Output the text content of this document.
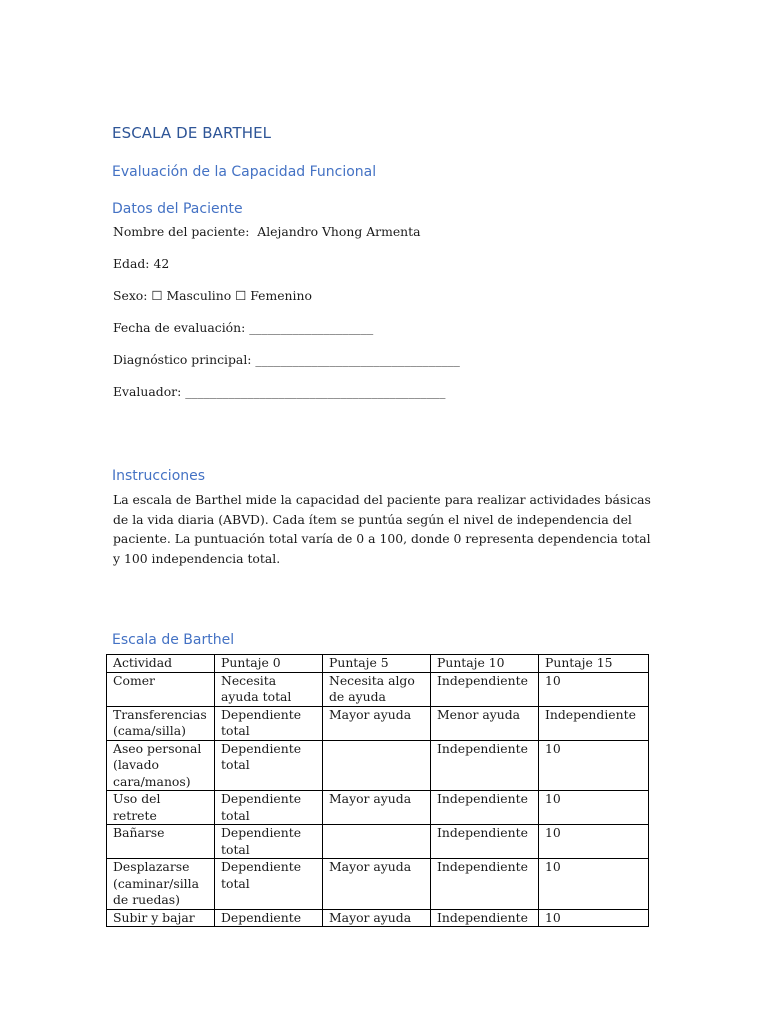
ESCALA DE BARTHEL
Evaluación de la Capacidad Funcional
Datos del Paciente
Nombre del paciente: Alejandro Vhong Armenta
Edad: 42
Sexo: ☐ Masculino ☐ Femenino
Fecha de evaluación: ____________________
Diagnóstico principal: _________________________________
Evaluador: __________________________________________
Instrucciones
La escala de Barthel mide la capacidad del paciente para realizar actividades básicas de la vida diaria (ABVD). Cada ítem se puntúa según el nivel de independencia del paciente. La puntuación total varía de 0 a 100, donde 0 representa dependencia total y 100 independencia total.
Escala de Barthel
Actividad	Puntaje 0	Puntaje 5	Puntaje 10	Puntaje 15
Comer	Necesita ayuda total	Necesita algo de ayuda	Independiente	10
Transferencias (cama/silla)	Dependiente total	Mayor ayuda	Menor ayuda	Independiente
Aseo personal (lavado cara/manos)	Dependiente total		Independiente	10
Uso del retrete	Dependiente total	Mayor ayuda	Independiente	10
Bañarse	Dependiente total		Independiente	10
Desplazarse (caminar/silla de ruedas)	Dependiente total	Mayor ayuda	Independiente	10
Subir y bajar	Dependiente	Mayor ayuda	Independiente	10
